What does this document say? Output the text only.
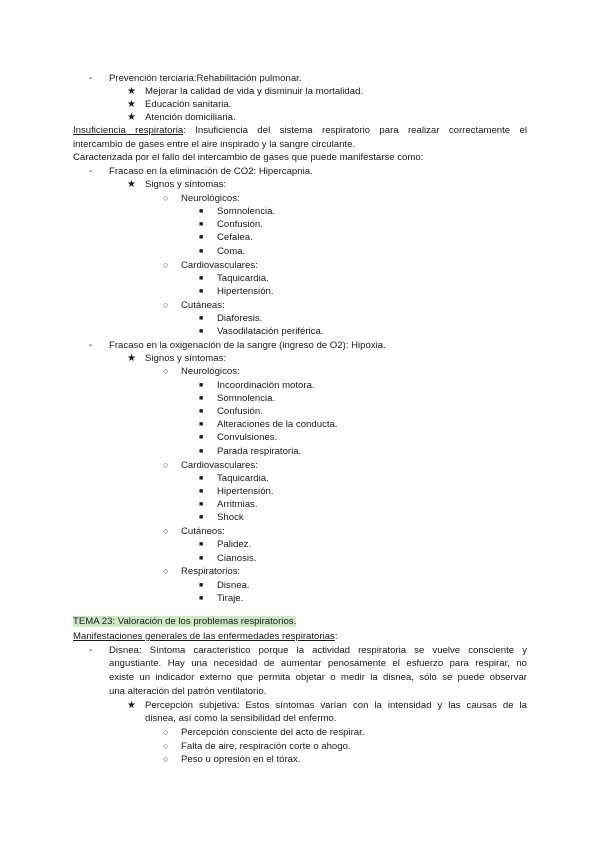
- Prevención terciaria:Rehabilitación pulmonar.
★ Mejorar la calidad de vida y disminuir la mortalidad.
★ Educación sanitaria.
★ Atención domiciliaria.
Insuficiencia respiratoria: Insuficiencia del sistema respiratorio para realizar correctamente el
intercambio de gases entre el aire inspirado y la sangre circulante.
Caracterizada por el fallo del intercambio de gases que puede manifestarse como:
- Fracaso en la eliminación de CO2: Hipercapnia.
★ Signos y síntomas:
○ Neurológicos:
■ Somnolencia.
■ Confusión.
■ Cefalea.
■ Coma.
○ Cardiovasculares:
■ Taquicardia.
■ Hipertensión.
○ Cutáneas:
■ Diaforesis.
■ Vasodilatación periférica.
- Fracaso en la oxigenación de la sangre (ingreso de O2): Hipoxia.
★ Signos y síntomas:
○ Neurológicos:
■ Incoordinación motora.
■ Somnolencia.
■ Confusión.
■ Alteraciones de la conducta.
■ Convulsiones.
■ Parada respiratoria.
○ Cardiovasculares:
■ Taquicardia.
■ Hipertensión.
■ Arritmias.
■ Shock
○ Cutáneos:
■ Palidez.
■ Cianosis.
○ Respiratorios:
■ Disnea.
■ Tiraje.
TEMA 23: Valoración de los problemas respiratorios.
Manifestaciones generales de las enfermedades respiratorias:
- Disnea: Síntoma característico porque la actividad respiratoria se vuelve consciente y
angustiante. Hay una necesidad de aumentar penosamente el esfuerzo para respirar, no
existe un indicador externo que permita objetar o medir la disnea, sólo se puede observar
una alteración del patrón ventilatorio.
★ Percepción subjetiva: Estos síntomas varían con la intensidad y las causas de la
disnea, así como la sensibilidad del enfermo.
○ Percepción consciente del acto de respirar.
○ Falta de aire, respiración corte o ahogo.
○ Peso u opresión en el tórax.
